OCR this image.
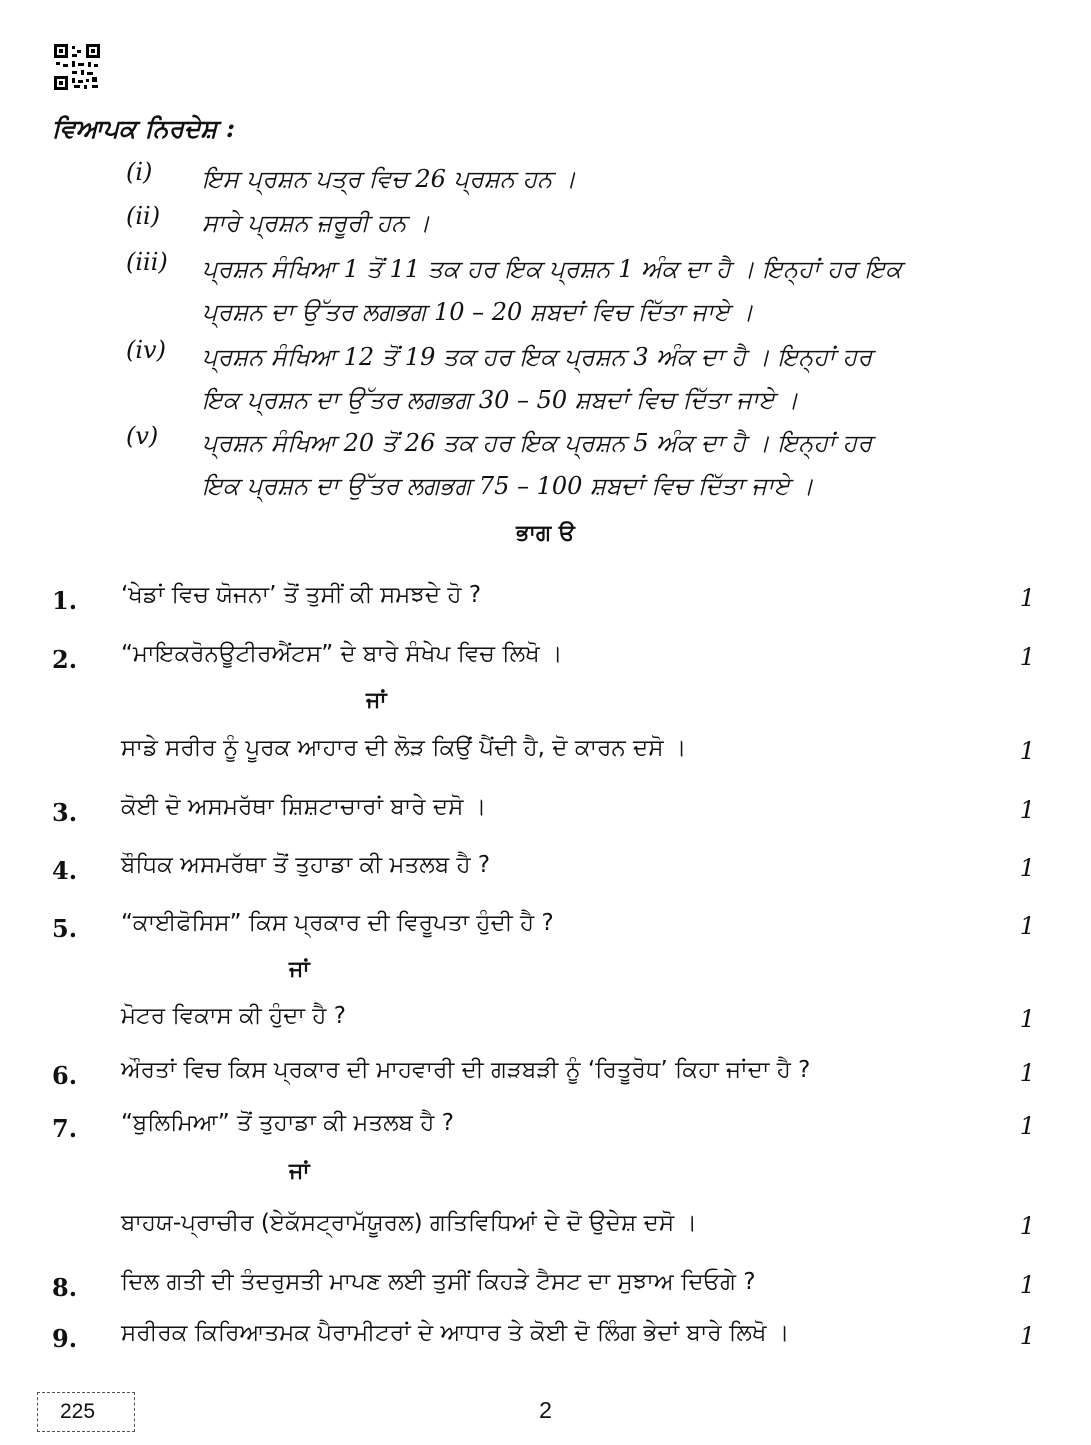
ਵਿਆਪਕ ਨਿਰਦੇਸ਼ :
(i)	ਇਸ ਪ੍ਰਸ਼ਨ ਪਤ੍ਰ ਵਿਚ 26 ਪ੍ਰਸ਼ਨ ਹਨ ।
(ii)	ਸਾਰੇ ਪ੍ਰਸ਼ਨ ਜ਼ਰੂਰੀ ਹਨ ।
(iii)	ਪ੍ਰਸ਼ਨ ਸੰਖਿਆ 1 ਤੋਂ 11 ਤਕ ਹਰ ਇਕ ਪ੍ਰਸ਼ਨ 1 ਅੰਕ ਦਾ ਹੈ । ਇਨ੍ਹਾਂ ਹਰ ਇਕ
ਪ੍ਰਸ਼ਨ ਦਾ ਉੱਤਰ ਲਗਭਗ 10 – 20 ਸ਼ਬਦਾਂ ਵਿਚ ਦਿੱਤਾ ਜਾਏ ।
(iv)	ਪ੍ਰਸ਼ਨ ਸੰਖਿਆ 12 ਤੋਂ 19 ਤਕ ਹਰ ਇਕ ਪ੍ਰਸ਼ਨ 3 ਅੰਕ ਦਾ ਹੈ । ਇਨ੍ਹਾਂ ਹਰ
ਇਕ ਪ੍ਰਸ਼ਨ ਦਾ ਉੱਤਰ ਲਗਭਗ 30 – 50 ਸ਼ਬਦਾਂ ਵਿਚ ਦਿੱਤਾ ਜਾਏ ।
(v)	ਪ੍ਰਸ਼ਨ ਸੰਖਿਆ 20 ਤੋਂ 26 ਤਕ ਹਰ ਇਕ ਪ੍ਰਸ਼ਨ 5 ਅੰਕ ਦਾ ਹੈ । ਇਨ੍ਹਾਂ ਹਰ
ਇਕ ਪ੍ਰਸ਼ਨ ਦਾ ਉੱਤਰ ਲਗਭਗ 75 – 100 ਸ਼ਬਦਾਂ ਵਿਚ ਦਿੱਤਾ ਜਾਏ ।
ਭਾਗ ੳ
1. ‘ਖੇਡਾਂ ਵਿਚ ਯੋਜਨਾ’ ਤੋਂ ਤੁਸੀਂ ਕੀ ਸਮਝਦੇ ਹੋ ?	1
2. “ਮਾਇਕਰੋਨਊਟੀਰਐਂਟਸ” ਦੇ ਬਾਰੇ ਸੰਖੇਪ ਵਿਚ ਲਿਖੋ ।	1
ਜਾਂ
ਸਾਡੇ ਸਰੀਰ ਨੂੰ ਪੂਰਕ ਆਹਾਰ ਦੀ ਲੋੜ ਕਿਉਂ ਪੈਂਦੀ ਹੈ, ਦੋ ਕਾਰਨ ਦਸੋ ।	1
3. ਕੋਈ ਦੋ ਅਸਮਰੱਥਾ ਸ਼ਿਸ਼ਟਾਚਾਰਾਂ ਬਾਰੇ ਦਸੋ ।	1
4. ਬੌਧਿਕ ਅਸਮਰੱਥਾ ਤੋਂ ਤੁਹਾਡਾ ਕੀ ਮਤਲਬ ਹੈ ?	1
5. “ਕਾਈਫੋਸਿਸ” ਕਿਸ ਪ੍ਰਕਾਰ ਦੀ ਵਿਰੂਪਤਾ ਹੁੰਦੀ ਹੈ ?	1
ਜਾਂ
ਮੋਟਰ ਵਿਕਾਸ ਕੀ ਹੁੰਦਾ ਹੈ ?	1
6. ਔਰਤਾਂ ਵਿਚ ਕਿਸ ਪ੍ਰਕਾਰ ਦੀ ਮਾਹਵਾਰੀ ਦੀ ਗੜਬੜੀ ਨੂੰ ‘ਰਿਤੂਰੋਧ’ ਕਿਹਾ ਜਾਂਦਾ ਹੈ ?	1
7. “ਬੁਲਿਮਿਆ” ਤੋਂ ਤੁਹਾਡਾ ਕੀ ਮਤਲਬ ਹੈ ?	1
ਜਾਂ
ਬਾਹਯ-ਪ੍ਰਾਚੀਰ (ਏਕੱਸਟ੍ਰਾਮੱਯੂਰਲ) ਗਤਿਵਿਧਿਆਂ ਦੇ ਦੋ ਉਦੇਸ਼ ਦਸੋ ।	1
8. ਦਿਲ ਗਤੀ ਦੀ ਤੰਦਰੁਸਤੀ ਮਾਪਣ ਲਈ ਤੁਸੀਂ ਕਿਹੜੇ ਟੈਸਟ ਦਾ ਸੁਝਾਅ ਦਿਓਗੇ ?	1
9. ਸਰੀਰਕ ਕਿਰਿਆਤਮਕ ਪੈਰਾਮੀਟਰਾਂ ਦੇ ਆਧਾਰ ਤੇ ਕੋਈ ਦੋ ਲਿੰਗ ਭੇਦਾਂ ਬਾਰੇ ਲਿਖੋ ।	1
225	2
